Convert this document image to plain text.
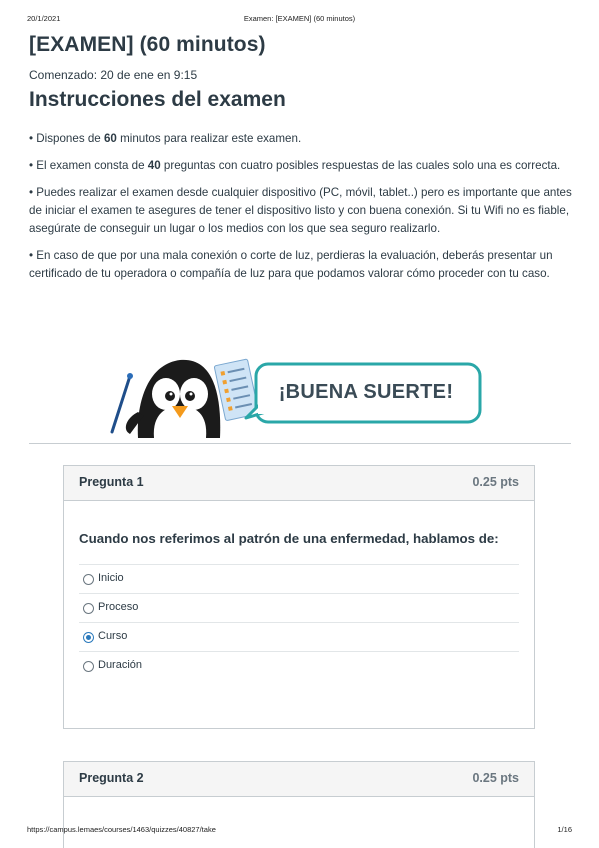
20/1/2021	Examen: [EXAMEN] (60 minutos)
[EXAMEN] (60 minutos)
Comenzado: 20 de ene en 9:15
Instrucciones del examen

• Dispones de 60 minutos para realizar este examen.

• El examen consta de 40 preguntas con cuatro posibles respuestas de las cuales solo una es correcta.

• Puedes realizar el examen desde cualquier dispositivo (PC, móvil, tablet..) pero es importante que antes de iniciar el examen te asegures de tener el dispositivo listo y con buena conexión. Si tu Wifi no es fiable, asegúrate de conseguir un lugar o los medios con los que sea seguro realizarlo.

• En caso de que por una mala conexión o corte de luz, perdieras la evaluación, deberás presentar un certificado de tu operadora o compañía de luz para que podamos valorar cómo proceder con tu caso.

¡BUENA SUERTE!
Pregunta 1	0.25 pts
Cuando nos referimos al patrón de una enfermedad, hablamos de:
Inicio
Proceso
Curso
Duración
Pregunta 2	0.25 pts
https://campus.lemaes/courses/1463/quizzes/40827/take	1/16
